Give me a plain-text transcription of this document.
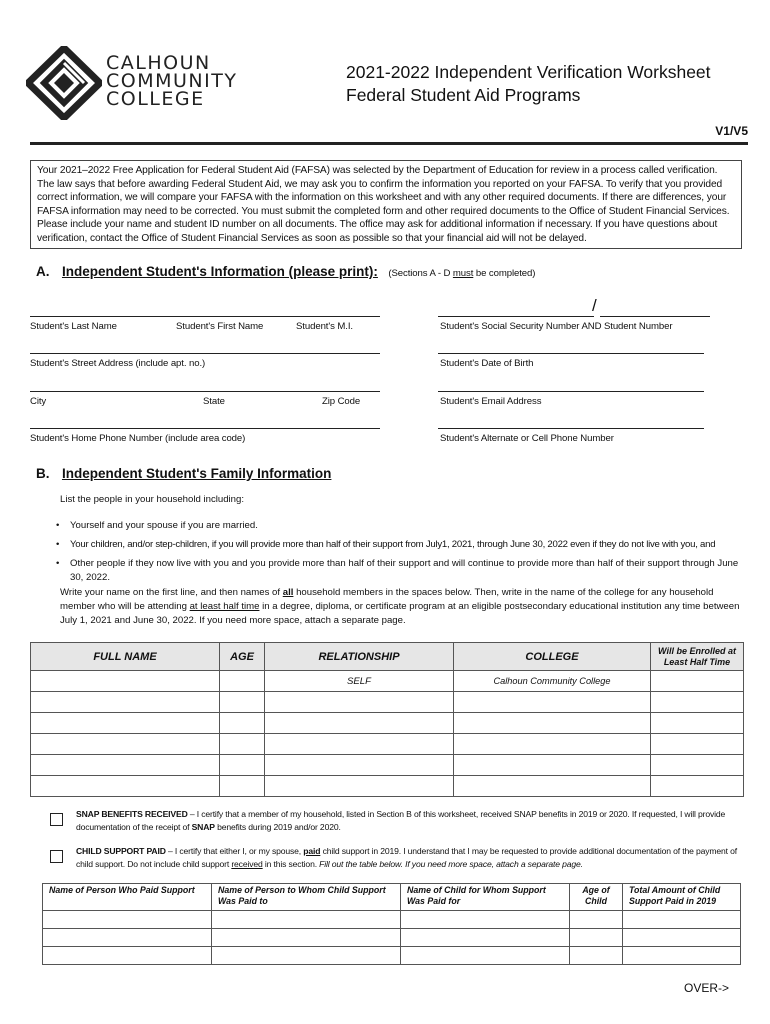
CALHOUN
COMMUNITY
COLLEGE
2021-2022 Independent Verification Worksheet
Federal Student Aid Programs
V1/V5
Your 2021–2022 Free Application for Federal Student Aid (FAFSA) was selected by the Department of Education for review in a process called verification. The law says that before awarding Federal Student Aid, we may ask you to confirm the information you reported on your FAFSA. To verify that you provided correct information, we will compare your FAFSA with the information on this worksheet and with any other required documents. If there are differences, your FAFSA information may need to be corrected. You must submit the completed form and other required documents to the Office of Student Financial Services. Please include your name and student ID number on all documents. The office may ask for additional information if necessary. If you have questions about verification, contact the Office of Student Financial Services as soon as possible so that your financial aid will not be delayed.
A. Independent Student's Information (please print): (Sections A - D must be completed)
/
Student's Last Name	Student's First Name	Student's M.I.	Student's Social Security Number AND Student Number
Student's Street Address (include apt. no.)	Student's Date of Birth
City	State	Zip Code	Student's Email Address
Student's Home Phone Number (include area code)	Student's Alternate or Cell Phone Number
B. Independent Student's Family Information
List the people in your household including:
•	Yourself and your spouse if you are married.
•	Your children, and/or step-children, if you will provide more than half of their support from July1, 2021, through June 30, 2022 even if they do not live with you, and
•	Other people if they now live with you and you provide more than half of their support and will continue to provide more than half of their support through June 30, 2022.
Write your name on the first line, and then names of all household members in the spaces below. Then, write in the name of the college for any household member who will be attending at least half time in a degree, diploma, or certificate program at an eligible postsecondary educational institution any time between July 1, 2021 and June 30, 2022. If you need more space, attach a separate page.
FULL NAME	AGE	RELATIONSHIP	COLLEGE	Will be Enrolled at Least Half Time
		SELF	Calhoun Community College	

SNAP BENEFITS RECEIVED – I certify that a member of my household, listed in Section B of this worksheet, received SNAP benefits in 2019 or 2020. If requested, I will provide documentation of the receipt of SNAP benefits during 2019 and/or 2020.
CHILD SUPPORT PAID – I certify that either I, or my spouse, paid child support in 2019. I understand that I may be requested to provide additional documentation of the payment of child support. Do not include child support received in this section. Fill out the table below. If you need more space, attach a separate page.
Name of Person Who Paid Support	Name of Person to Whom Child Support Was Paid to	Name of Child for Whom Support Was Paid for	Age of Child	Total Amount of Child Support Paid in 2019

OVER->
